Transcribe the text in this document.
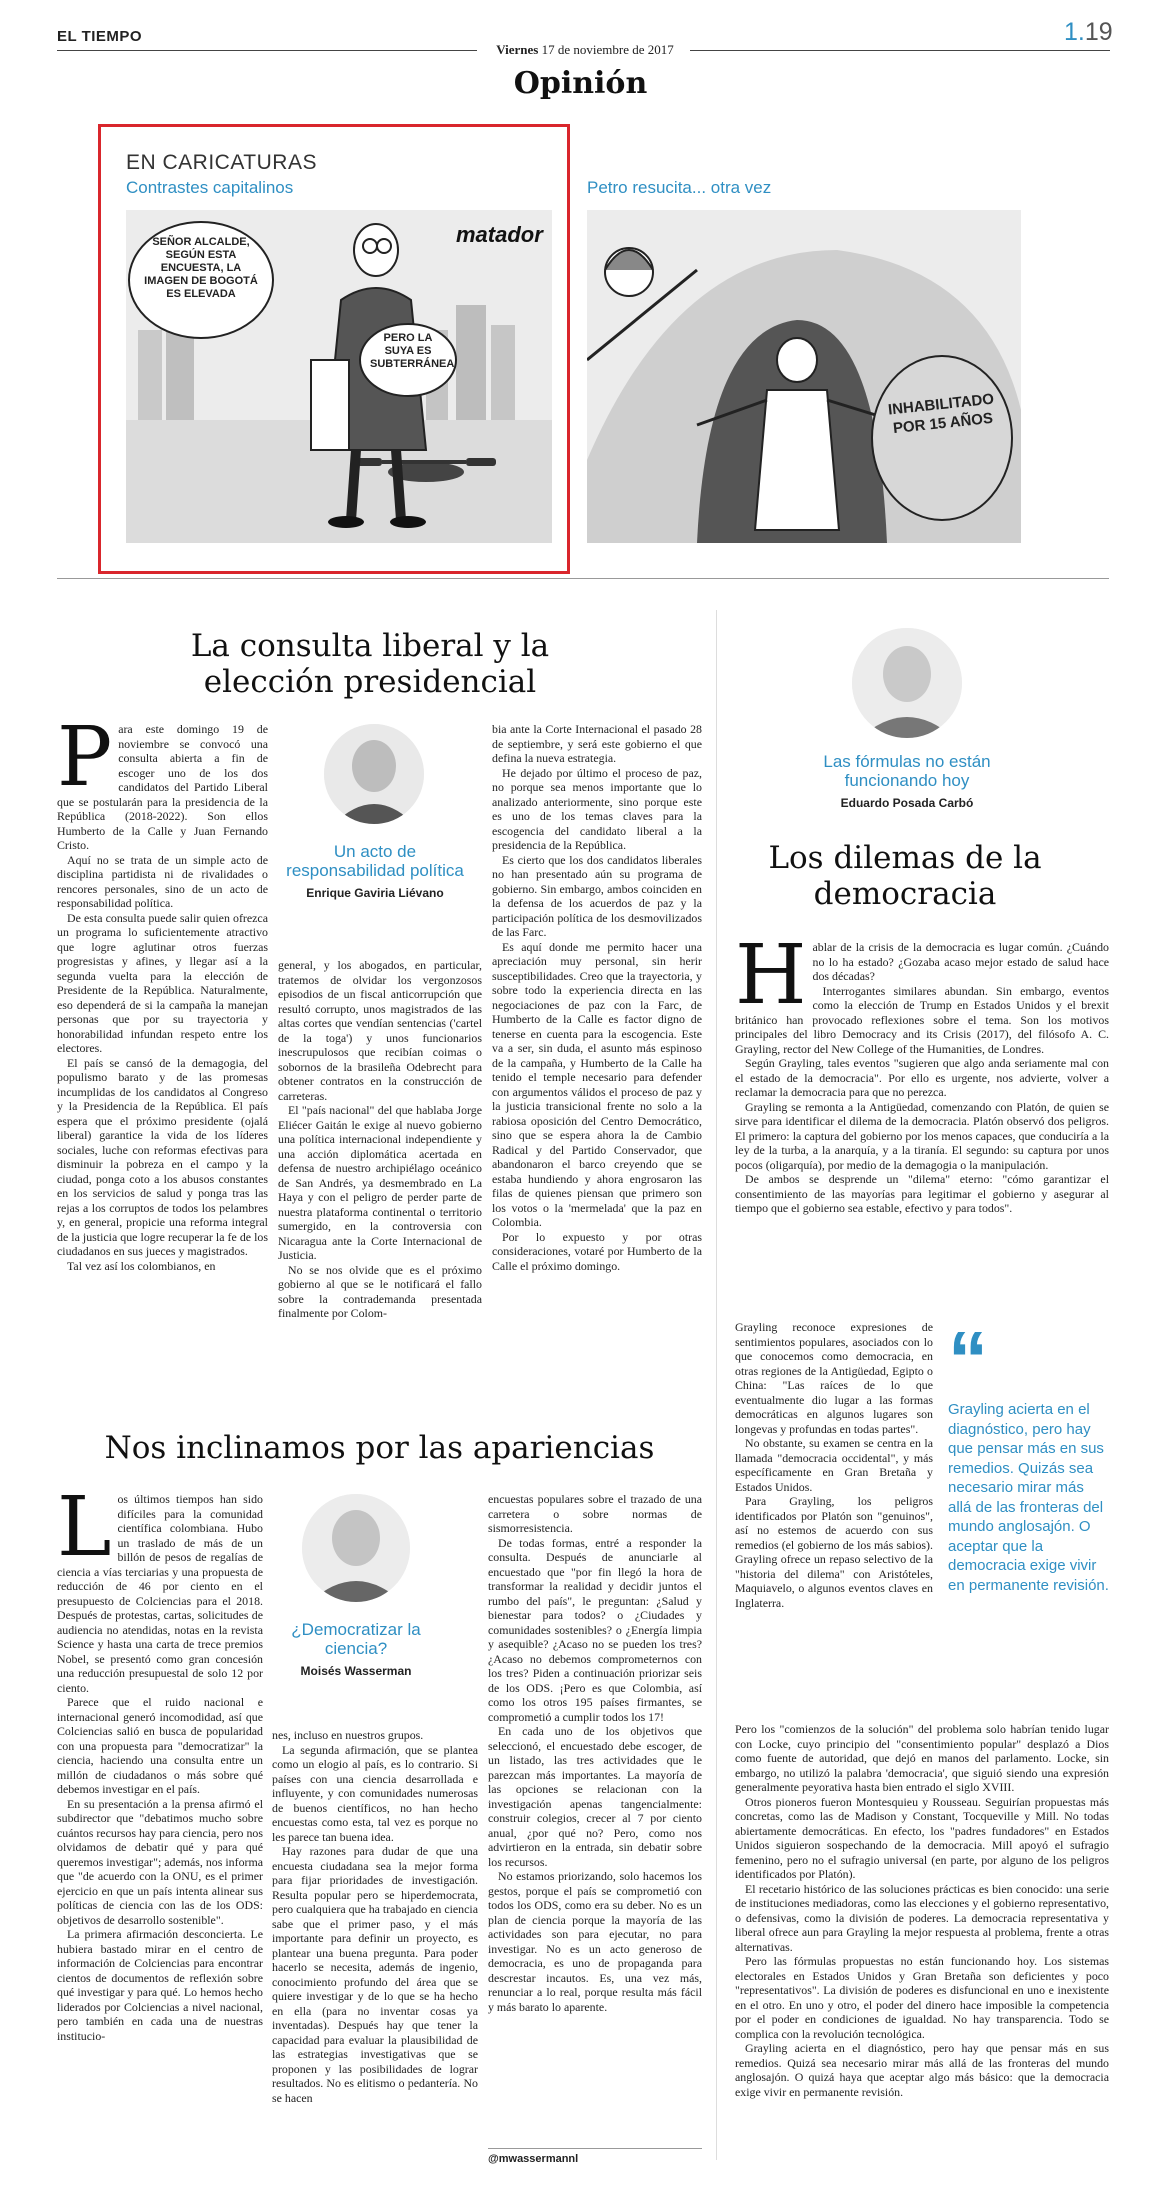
EL TIEMPO
Viernes 17 de noviembre de 2017
1.19
Opinión
EN CARICATURAS
Contrastes capitalinos	Petro resucita... otra vez
matador
SEÑOR ALCALDE, SEGÚN ESTA ENCUESTA, LA IMAGEN DE BOGOTÁ ES ELEVADA
PERO LA SUYA ES SUBTERRÁNEA
INHABILITADO POR 15 AÑOS
La consulta liberal y la elección presidencial
Un acto de responsabilidad política
Enrique Gaviria Liévano
P ara este domingo 19 de noviembre se convocó una consulta abierta a fin de escoger uno de los dos candidatos del Partido Liberal que se postularán para la presidencia de la República (2018-2022). Son ellos Humberto de la Calle y Juan Fernando Cristo.

Aquí no se trata de un simple acto de disciplina partidista ni de rivalidades o rencores personales, sino de un acto de responsabilidad política.

De esta consulta puede salir quien ofrezca un programa lo suficientemente atractivo que logre aglutinar otros fuerzas progresistas y afines, y llegar así a la segunda vuelta para la elección de Presidente de la República. Naturalmente, eso dependerá de si la campaña la manejan personas que por su trayectoria y honorabilidad infundan respeto entre los electores.

El país se cansó de la demagogia, del populismo barato y de las promesas incumplidas de los candidatos al Congreso y la Presidencia de la República. El país espera que el próximo presidente (ojalá liberal) garantice la vida de los líderes sociales, luche con reformas efectivas para disminuir la pobreza en el campo y la ciudad, ponga coto a los abusos constantes en los servicios de salud y ponga tras las rejas a los corruptos de todos los pelambres y, en general, propicie una reforma integral de la justicia que logre recuperar la fe de los ciudadanos en sus jueces y magistrados.

Tal vez así los colombianos, en

general, y los abogados, en particular, tratemos de olvidar los vergonzosos episodios de un fiscal anticorrupción que resultó corrupto, unos magistrados de las altas cortes que vendían sentencias ('cartel de la toga') y unos funcionarios inescrupulosos que recibían coimas o sobornos de la brasileña Odebrecht para obtener contratos en la construcción de carreteras.

El "país nacional" del que hablaba Jorge Eliécer Gaitán le exige al nuevo gobierno una política internacional independiente y una acción diplomática acertada en defensa de nuestro archipiélago oceánico de San Andrés, ya desmembrado en La Haya y con el peligro de perder parte de nuestra plataforma continental o territorio sumergido, en la controversia con Nicaragua ante la Corte Internacional de Justicia.

No se nos olvide que es el próximo gobierno al que se le notificará el fallo sobre la contrademanda presentada finalmente por Colom-

bia ante la Corte Internacional el pasado 28 de septiembre, y será este gobierno el que defina la nueva estrategia.

He dejado por último el proceso de paz, no porque sea menos importante que lo analizado anteriormente, sino porque este es uno de los temas claves para la escogencia del candidato liberal a la presidencia de la República.

Es cierto que los dos candidatos liberales no han presentado aún su programa de gobierno. Sin embargo, ambos coinciden en la defensa de los acuerdos de paz y la participación política de los desmovilizados de las Farc.

Es aquí donde me permito hacer una apreciación muy personal, sin herir susceptibilidades. Creo que la trayectoria, y sobre todo la experiencia directa en las negociaciones de paz con la Farc, de Humberto de la Calle es factor digno de tenerse en cuenta para la escogencia. Este va a ser, sin duda, el asunto más espinoso de la campaña, y Humberto de la Calle ha tenido el temple necesario para defender con argumentos válidos el proceso de paz y la justicia transicional frente no solo a la rabiosa oposición del Centro Democrático, sino que se espera ahora la de Cambio Radical y del Partido Conservador, que abandonaron el barco creyendo que se estaba hundiendo y ahora engrosaron las filas de quienes piensan que primero son los votos o la 'mermelada' que la paz en Colombia.

Por lo expuesto y por otras consideraciones, votaré por Humberto de la Calle el próximo domingo.

Nos inclinamos por las apariencias
¿Democratizar la ciencia?
Moisés Wasserman
L os últimos tiempos han sido difíciles para la comunidad científica colombiana. Hubo un traslado de más de un billón de pesos de regalías de ciencia a vías terciarias y una propuesta de reducción de 46 por ciento en el presupuesto de Colciencias para el 2018. Después de protestas, cartas, solicitudes de audiencia no atendidas, notas en la revista Science y hasta una carta de trece premios Nobel, se presentó como gran concesión una reducción presupuestal de solo 12 por ciento.

Parece que el ruido nacional e internacional generó incomodidad, así que Colciencias salió en busca de popularidad con una propuesta para "democratizar" la ciencia, haciendo una consulta entre un millón de ciudadanos o más sobre qué debemos investigar en el país.

En su presentación a la prensa afirmó el subdirector que "debatimos mucho sobre cuántos recursos hay para ciencia, pero nos olvidamos de debatir qué y para qué queremos investigar"; además, nos informa que "de acuerdo con la ONU, es el primer ejercicio en que un país intenta alinear sus políticas de ciencia con las de los ODS: objetivos de desarrollo sostenible".

La primera afirmación desconcierta. Le hubiera bastado mirar en el centro de información de Colciencias para encontrar cientos de documentos de reflexión sobre qué investigar y para qué. Lo hemos hecho liderados por Colciencias a nivel nacional, pero también en cada una de nuestras institucio-

nes, incluso en nuestros grupos.

La segunda afirmación, que se plantea como un elogio al país, es lo contrario. Si países con una ciencia desarrollada e influyente, y con comunidades numerosas de buenos científicos, no han hecho encuestas como esta, tal vez es porque no les parece tan buena idea.

Hay razones para dudar de que una encuesta ciudadana sea la mejor forma para fijar prioridades de investigación. Resulta popular pero se hiperdemocrata, pero cualquiera que ha trabajado en ciencia sabe que el primer paso, y el más importante para definir un proyecto, es plantear una buena pregunta. Para poder hacerlo se necesita, además de ingenio, conocimiento profundo del área que se quiere investigar y de lo que se ha hecho en ella (para no inventar cosas ya inventadas). Después hay que tener la capacidad para evaluar la plausibilidad de las estrategias investigativas que se proponen y las posibilidades de lograr resultados. No es elitismo o pedantería. No se hacen

encuestas populares sobre el trazado de una carretera o sobre normas de sismorresistencia.

De todas formas, entré a responder la consulta. Después de anunciarle al encuestado que "por fin llegó la hora de transformar la realidad y decidir juntos el rumbo del país", le preguntan: ¿Salud y bienestar para todos? o ¿Ciudades y comunidades sostenibles? o ¿Energía limpia y asequible? ¿Acaso no se pueden los tres? ¿Acaso no debemos comprometernos con los tres? Piden a continuación priorizar seis de los ODS. ¡Pero es que Colombia, así como los otros 195 países firmantes, se comprometió a cumplir todos los 17!

En cada uno de los objetivos que seleccionó, el encuestado debe escoger, de un listado, las tres actividades que le parezcan más importantes. La mayoría de las opciones se relacionan con la investigación apenas tangencialmente: construir colegios, crecer al 7 por ciento anual, ¿por qué no? Pero, como nos advirtieron en la entrada, sin debatir sobre los recursos.

No estamos priorizando, solo hacemos los gestos, porque el país se comprometió con todos los ODS, como era su deber. No es un plan de ciencia porque la mayoría de las actividades son para ejecutar, no para investigar. No es un acto generoso de democracia, es uno de propaganda para descrestar incautos. Es, una vez más, renunciar a lo real, porque resulta más fácil y más barato lo aparente.

@mwassermannl
Las fórmulas no están funcionando hoy
Eduardo Posada Carbó
Los dilemas de la democracia
H ablar de la crisis de la democracia es lugar común. ¿Cuándo no lo ha estado? ¿Gozaba acaso mejor estado de salud hace dos décadas?

Interrogantes similares abundan. Sin embargo, eventos como la elección de Trump en Estados Unidos y el brexit británico han provocado reflexiones sobre el tema. Son los motivos principales del libro Democracy and its Crisis (2017), del filósofo A. C. Grayling, rector del New College of the Humanities, de Londres.

Según Grayling, tales eventos "sugieren que algo anda seriamente mal con el estado de la democracia". Por ello es urgente, nos advierte, volver a reclamar la democracia para que no perezca.

Grayling se remonta a la Antigüedad, comenzando con Platón, de quien se sirve para identificar el dilema de la democracia. Platón observó dos peligros. El primero: la captura del gobierno por los menos capaces, que conduciría a la ley de la turba, a la anarquía, y a la tiranía. El segundo: su captura por unos pocos (oligarquía), por medio de la demagogia o la manipulación.

De ambos se desprende un "dilema" eterno: "cómo garantizar el consentimiento de las mayorías para legitimar el gobierno y asegurar al tiempo que el gobierno sea estable, efectivo y para todos".

Grayling reconoce expresiones de sentimientos populares, asociados con lo que conocemos como democracia, en otras regiones de la Antigüedad, Egipto o China: "Las raíces de lo que eventualmente dio lugar a las formas democráticas en algunos lugares son longevas y profundas en todas partes".

No obstante, su examen se centra en la llamada "democracia occidental", y más específicamente en Gran Bretaña y Estados Unidos.

Para Grayling, los peligros identificados por Platón son "genuinos", así no estemos de acuerdo con sus remedios (el gobierno de los más sabios). Grayling ofrece un repaso selectivo de la "historia del dilema" con Aristóteles, Maquiavelo, o algunos eventos claves en Inglaterra.

“
Grayling acierta en el diagnóstico, pero hay que pensar más en sus remedios. Quizás sea necesario mirar más allá de las fronteras del mundo anglosajón. O aceptar que la democracia exige vivir en permanente revisión.

Pero los "comienzos de la solución" del problema solo habrían tenido lugar con Locke, cuyo principio del "consentimiento popular" desplazó a Dios como fuente de autoridad, que dejó en manos del parlamento. Locke, sin embargo, no utilizó la palabra 'democracia', que siguió siendo una expresión generalmente peyorativa hasta bien entrado el siglo XVIII.

Otros pioneros fueron Montesquieu y Rousseau. Seguirían propuestas más concretas, como las de Madison y Constant, Tocqueville y Mill. No todas abiertamente democráticas. En efecto, los "padres fundadores" en Estados Unidos siguieron sospechando de la democracia. Mill apoyó el sufragio femenino, pero no el sufragio universal (en parte, por alguno de los peligros identificados por Platón).

El recetario histórico de las soluciones prácticas es bien conocido: una serie de instituciones mediadoras, como las elecciones y el gobierno representativo, o defensivas, como la división de poderes. La democracia representativa y liberal ofrece aun para Grayling la mejor respuesta al problema, frente a otras alternativas.

Pero las fórmulas propuestas no están funcionando hoy. Los sistemas electorales en Estados Unidos y Gran Bretaña son deficientes y poco "representativos". La división de poderes es disfuncional en uno e inexistente en el otro. En uno y otro, el poder del dinero hace imposible la competencia por el poder en condiciones de igualdad. No hay transparencia. Todo se complica con la revolución tecnológica.

Grayling acierta en el diagnóstico, pero hay que pensar más en sus remedios. Quizá sea necesario mirar más allá de las fronteras del mundo anglosajón. O quizá haya que aceptar algo más básico: que la democracia exige vivir en permanente revisión.
